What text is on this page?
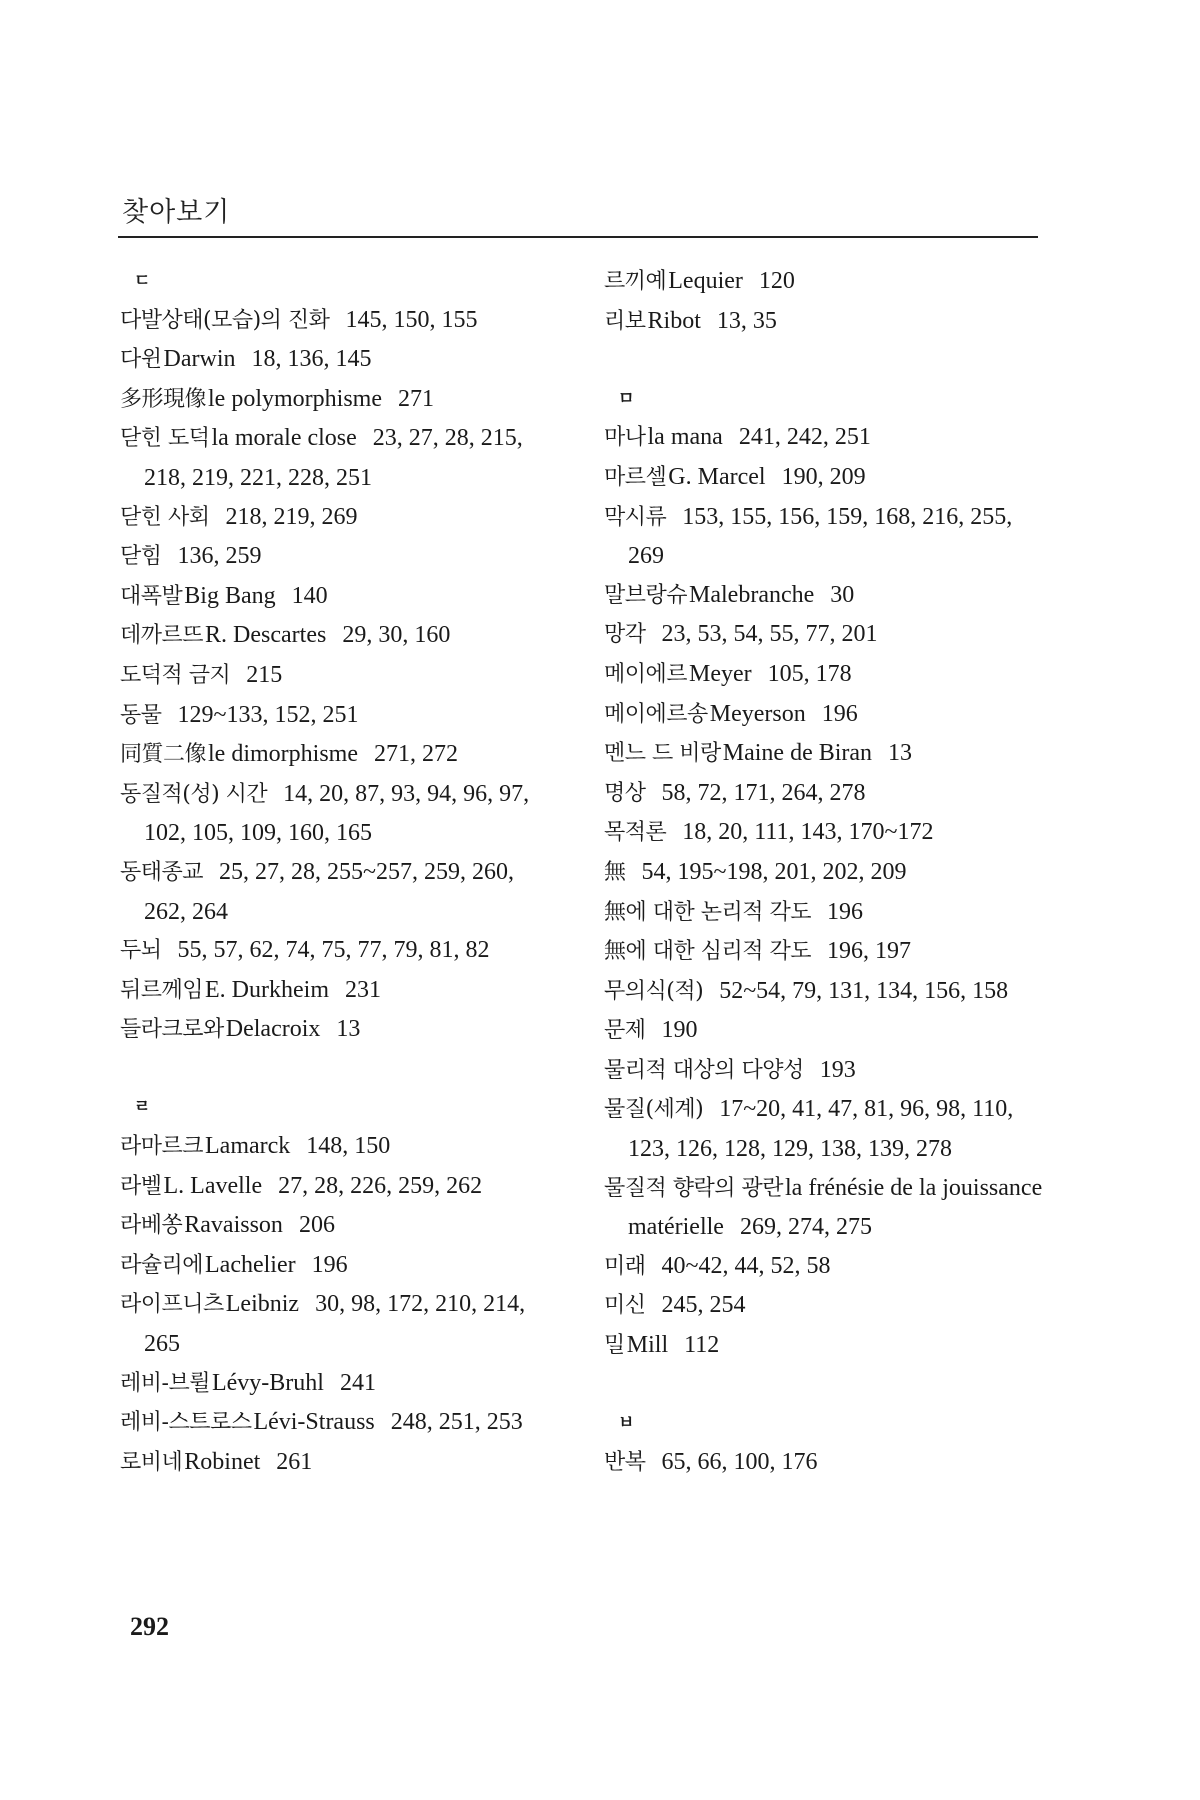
찾아보기
ㄷ
다발상태(모습)의 진화 145, 150, 155
다윈Darwin 18, 136, 145
多形現像le polymorphisme 271
닫힌 도덕la morale close 23, 27, 28, 215, 218, 219, 221, 228, 251
닫힌 사회 218, 219, 269
닫힘 136, 259
대폭발Big Bang 140
데까르뜨R. Descartes 29, 30, 160
도덕적 금지 215
동물 129~133, 152, 251
同質二像le dimorphisme 271, 272
동질적(성) 시간 14, 20, 87, 93, 94, 96, 97, 102, 105, 109, 160, 165
동태종교 25, 27, 28, 255~257, 259, 260, 262, 264
두뇌 55, 57, 62, 74, 75, 77, 79, 81, 82
뒤르께임E. Durkheim 231
들라크로와Delacroix 13
ㄹ
라마르크Lamarck 148, 150
라벨L. Lavelle 27, 28, 226, 259, 262
라베쏭Ravaisson 206
라슐리에Lachelier 196
라이프니츠Leibniz 30, 98, 172, 210, 214, 265
레비-브륄Lévy-Bruhl 241
레비-스트로스Lévi-Strauss 248, 251, 253
로비네Robinet 261
르끼예Lequier 120
리보Ribot 13, 35
ㅁ
마나la mana 241, 242, 251
마르셀G. Marcel 190, 209
막시류 153, 155, 156, 159, 168, 216, 255, 269
말브랑슈Malebranche 30
망각 23, 53, 54, 55, 77, 201
메이에르Meyer 105, 178
메이에르송Meyerson 196
멘느 드 비랑Maine de Biran 13
명상 58, 72, 171, 264, 278
목적론 18, 20, 111, 143, 170~172
無 54, 195~198, 201, 202, 209
無에 대한 논리적 각도 196
無에 대한 심리적 각도 196, 197
무의식(적) 52~54, 79, 131, 134, 156, 158
문제 190
물리적 대상의 다양성 193
물질(세계) 17~20, 41, 47, 81, 96, 98, 110, 123, 126, 128, 129, 138, 139, 278
물질적 향락의 광란la frénésie de la jouissance matérielle 269, 274, 275
미래 40~42, 44, 52, 58
미신 245, 254
밀Mill 112
ㅂ
반복 65, 66, 100, 176
292
